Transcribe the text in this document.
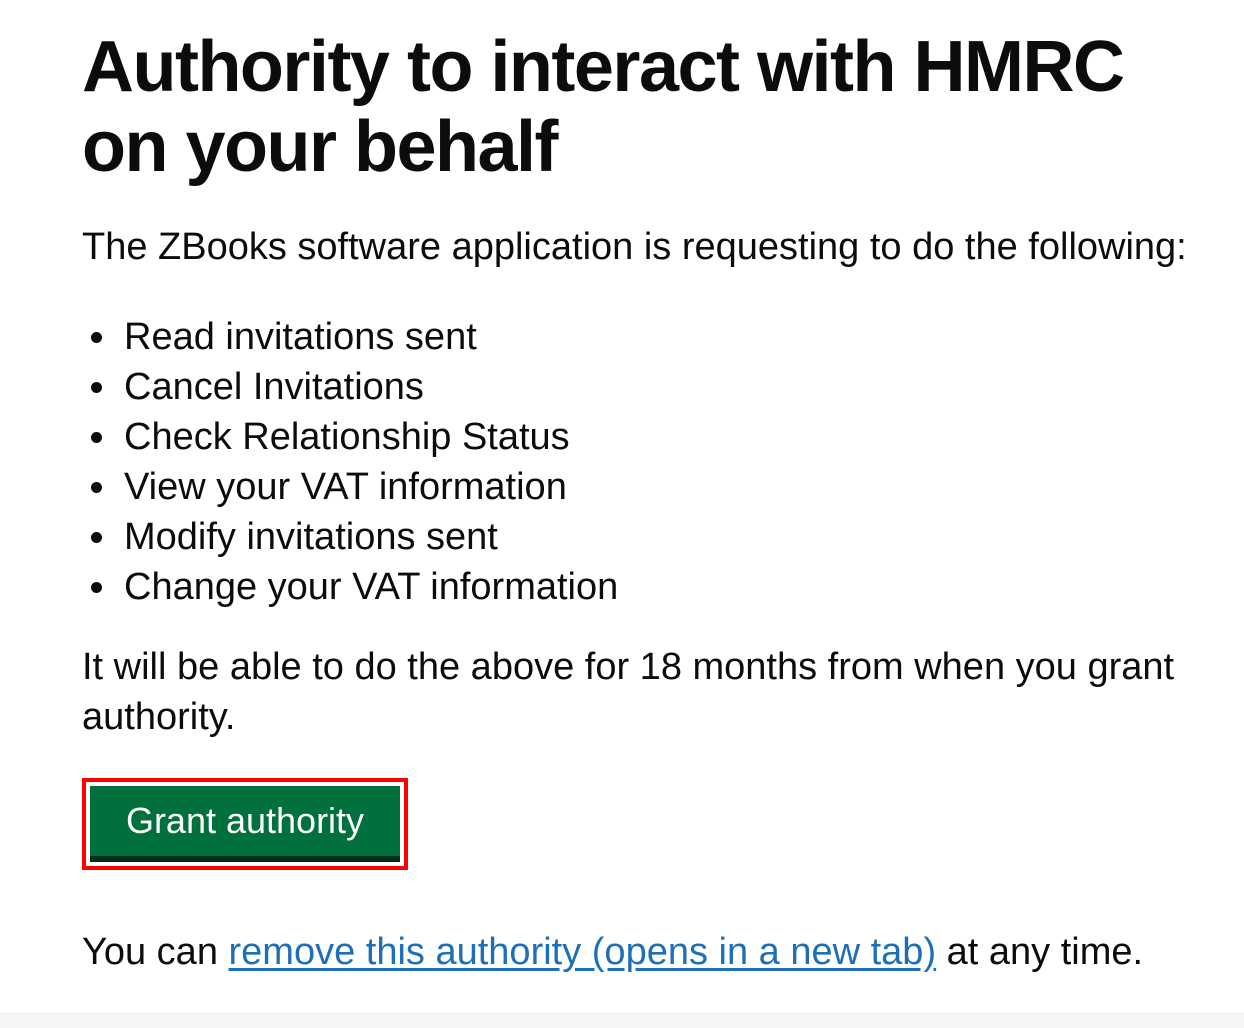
Authority to interact with HMRC on your behalf

The ZBooks software application is requesting to do the following:

• Read invitations sent
• Cancel Invitations
• Check Relationship Status
• View your VAT information
• Modify invitations sent
• Change your VAT information

It will be able to do the above for 18 months from when you grant authority.

Grant authority

You can remove this authority (opens in a new tab) at any time.
